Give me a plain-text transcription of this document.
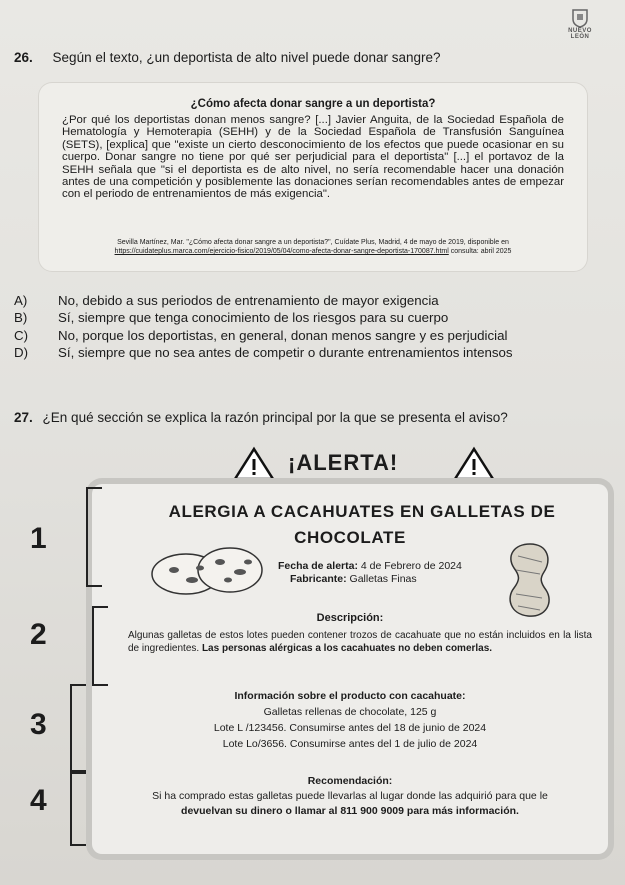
NUEVO
LEÓN
26. Según el texto, ¿un deportista de alto nivel puede donar sangre?
¿Cómo afecta donar sangre a un deportista?
¿Por qué los deportistas donan menos sangre? [...] Javier Anguita, de la Sociedad Española de Hematología y Hemoterapia (SEHH) y de la Sociedad Española de Transfusión Sanguínea (SETS), [explica] que "existe un cierto desconocimiento de los efectos que puede ocasionar en su cuerpo. Donar sangre no tiene por qué ser perjudicial para el deportista" [...] el portavoz de la SEHH señala que "si el deportista es de alto nivel, no sería recomendable hacer una donación antes de una competición y posiblemente las donaciones serían recomendables antes de empezar con el periodo de entrenamientos de más exigencia".
Sevilla Martínez, Mar. "¿Cómo afecta donar sangre a un deportista?", Cuídate Plus, Madrid, 4 de mayo de 2019, disponible en
https://cuidateplus.marca.com/ejercicio-fisico/2019/05/04/como-afecta-donar-sangre-deportista-170087.html consulta: abril 2025
A)	No, debido a sus periodos de entrenamiento de mayor exigencia
B)	Sí, siempre que tenga conocimiento de los riesgos para su cuerpo
C)	No, porque los deportistas, en general, donan menos sangre y es perjudicial
D)	Sí, siempre que no sea antes de competir o durante entrenamientos intensos
27. ¿En qué sección se explica la razón principal por la que se presenta el aviso?
¡ALERTA!
ALERGIA A CACAHUATES EN GALLETAS DE
CHOCOLATE
Fecha de alerta: 4 de Febrero de 2024
Fabricante: Galletas Finas
Descripción:
Algunas galletas de estos lotes pueden contener trozos de cacahuate que no están incluidos en la lista de ingredientes. Las personas alérgicas a los cacahuates no deben comerlas.
Información sobre el producto con cacahuate:
Galletas rellenas de chocolate, 125 g
Lote L /123456. Consumirse antes del 18 de junio de 2024
Lote Lo/3656. Consumirse antes del 1 de julio de 2024
Recomendación:
Si ha comprado estas galletas puede llevarlas al lugar donde las adquirió para que le
devuelvan su dinero o llamar al 811 900 9009 para más información.
1
2
3
4
